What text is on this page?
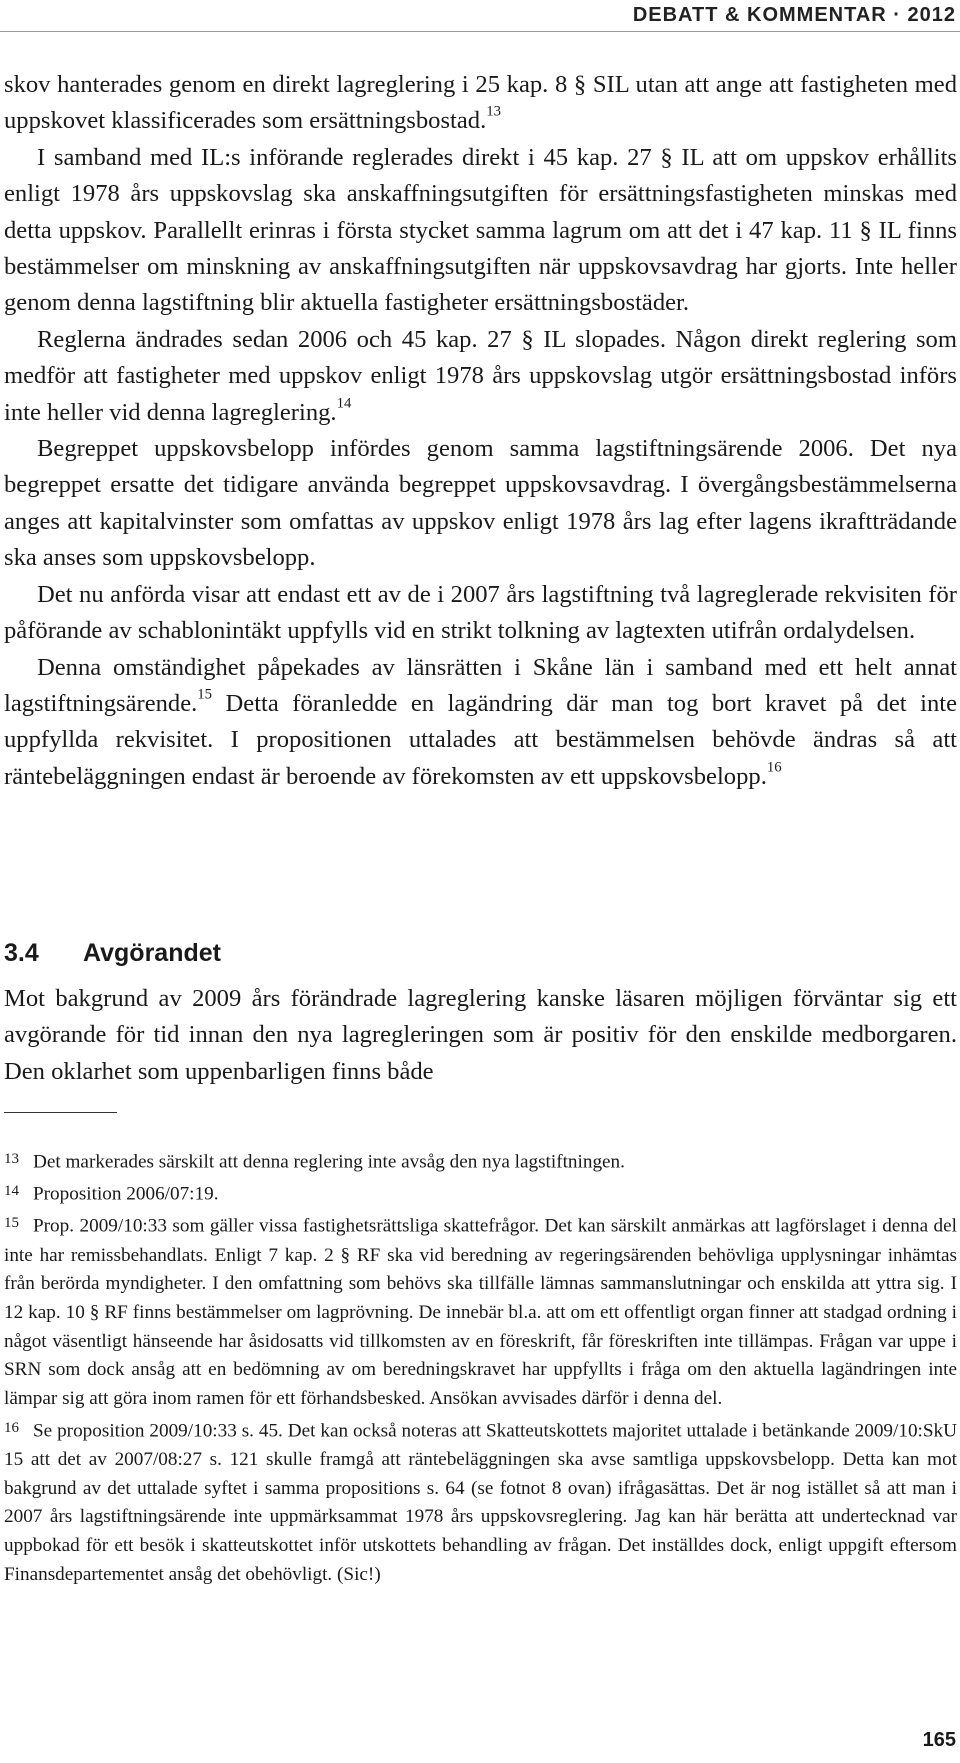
DEBATT & KOMMENTAR · 2012

skov hanterades genom en direkt lagreglering i 25 kap. 8 § SIL utan att ange att fastigheten med uppskovet klassificerades som ersättningsbostad.$^{13}$

I samband med IL:s införande reglerades direkt i 45 kap. 27 § IL att om uppskov erhållits enligt 1978 års uppskovslag ska anskaffningsutgiften för ersättningsfastigheten minskas med detta uppskov. Parallellt erinras i första stycket samma lagrum om att det i 47 kap. 11 § IL finns bestämmelser om minskning av anskaffningsutgiften när uppskovsavdrag har gjorts. Inte heller genom denna lagstiftning blir aktuella fastigheter ersättningsbostäder.

Reglerna ändrades sedan 2006 och 45 kap. 27 § IL slopades. Någon direkt reglering som medför att fastigheter med uppskov enligt 1978 års uppskovslag utgör ersättningsbostad införs inte heller vid denna lagreglering.$^{14}$

Begreppet uppskovsbelopp infördes genom samma lagstiftningsärende 2006. Det nya begreppet ersatte det tidigare använda begreppet uppskovsavdrag. I övergångsbestämmelserna anges att kapitalvinster som omfattas av uppskov enligt 1978 års lag efter lagens ikraftträdande ska anses som uppskovsbelopp.

Det nu anförda visar att endast ett av de i 2007 års lagstiftning två lagreglerade rekvisiten för påförande av schablonintäkt uppfylls vid en strikt tolkning av lagtexten utifrån ordalydelsen.

Denna omständighet påpekades av länsrätten i Skåne län i samband med ett helt annat lagstiftningsärende.$^{15}$ Detta föranledde en lagändring där man tog bort kravet på det inte uppfyllda rekvisitet. I propositionen uttalades att bestämmelsen behövde ändras så att räntebeläggningen endast är beroende av förekomsten av ett uppskovsbelopp.$^{16}$

3.4	Avgörandet
Mot bakgrund av 2009 års förändrade lagreglering kanske läsaren möjligen förväntar sig ett avgörande för tid innan den nya lagregleringen som är positiv för den enskilde medborgaren. Den oklarhet som uppenbarligen finns både

13 Det markerades särskilt att denna reglering inte avsåg den nya lagstiftningen.

14 Proposition 2006/07:19.

15 Prop. 2009/10:33 som gäller vissa fastighetsrättsliga skattefrågor. Det kan särskilt anmärkas att lagförslaget i denna del inte har remissbehandlats. Enligt 7 kap. 2 § RF ska vid beredning av regeringsärenden behövliga upplysningar inhämtas från berörda myndigheter. I den omfattning som behövs ska tillfälle lämnas sammanslutningar och enskilda att yttra sig. I 12 kap. 10 § RF finns bestämmelser om lagprövning. De innebär bl.a. att om ett offentligt organ finner att stadgad ordning i något väsentligt hänseende har åsidosatts vid tillkomsten av en föreskrift, får föreskriften inte tillämpas. Frågan var uppe i SRN som dock ansåg att en bedömning av om beredningskravet har uppfyllts i fråga om den aktuella lagändringen inte lämpar sig att göra inom ramen för ett förhandsbesked. Ansökan avvisades därför i denna del.

16 Se proposition 2009/10:33 s. 45. Det kan också noteras att Skatteutskottets majoritet uttalade i betänkande 2009/10:SkU 15 att det av 2007/08:27 s. 121 skulle framgå att räntebeläggningen ska avse samtliga uppskovsbelopp. Detta kan mot bakgrund av det uttalade syftet i samma propositions s. 64 (se fotnot 8 ovan) ifrågasättas. Det är nog istället så att man i 2007 års lagstiftningsärende inte uppmärksammat 1978 års uppskovsreglering. Jag kan här berätta att undertecknad var uppbokad för ett besök i skatteutskottet inför utskottets behandling av frågan. Det inställdes dock, enligt uppgift eftersom Finansdepartementet ansåg det obehövligt. (Sic!)

165
